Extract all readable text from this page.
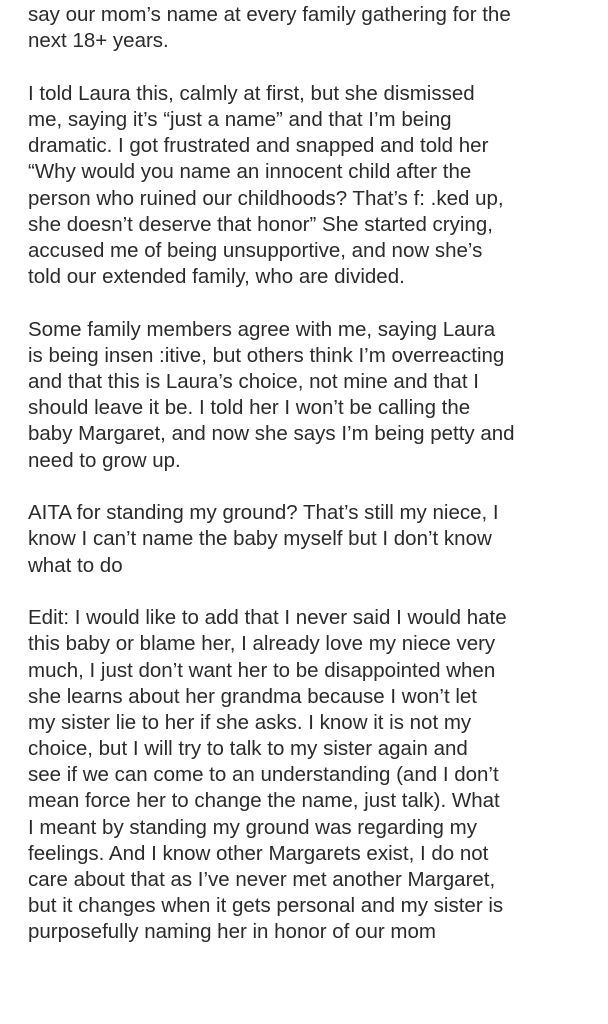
say our mom’s name at every family gathering for the
next 18+ years.
I told Laura this, calmly at first, but she dismissed
me, saying it’s “just a name” and that I’m being
dramatic. I got frustrated and snapped and told her
“Why would you name an innocent child after the
person who ruined our childhoods? That’s f: .ked up,
she doesn’t deserve that honor” She started crying,
accused me of being unsupportive, and now she’s
told our extended family, who are divided.
Some family members agree with me, saying Laura
is being insen :itive, but others think I’m overreacting
and that this is Laura’s choice, not mine and that I
should leave it be. I told her I won’t be calling the
baby Margaret, and now she says I’m being petty and
need to grow up.
AITA for standing my ground? That’s still my niece, I
know I can’t name the baby myself but I don’t know
what to do
Edit: I would like to add that I never said I would hate
this baby or blame her, I already love my niece very
much, I just don’t want her to be disappointed when
she learns about her grandma because I won’t let
my sister lie to her if she asks. I know it is not my
choice, but I will try to talk to my sister again and
see if we can come to an understanding (and I don’t
mean force her to change the name, just talk). What
I meant by standing my ground was regarding my
feelings. And I know other Margarets exist, I do not
care about that as I’ve never met another Margaret,
but it changes when it gets personal and my sister is
purposefully naming her in honor of our mom
